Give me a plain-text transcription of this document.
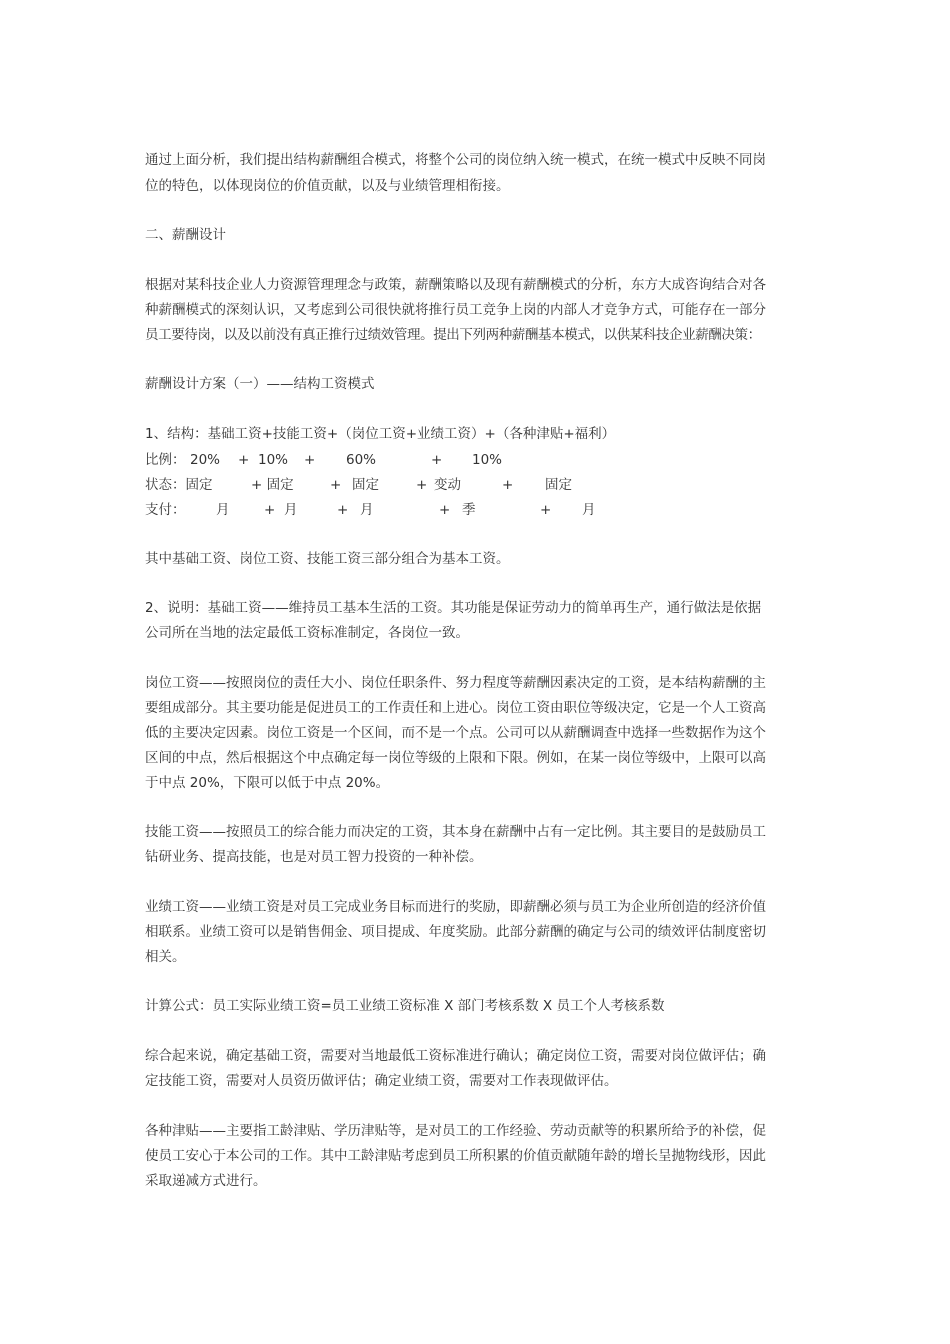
通过上面分析，我们提出结构薪酬组合模式，将整个公司的岗位纳入统一模式，在统一模式中反映不同岗
位的特色，以体现岗位的价值贡献，以及与业绩管理相衔接。
二、薪酬设计
根据对某科技企业人力资源管理理念与政策，薪酬策略以及现有薪酬模式的分析，东方大成咨询结合对各
种薪酬模式的深刻认识，又考虑到公司很快就将推行员工竞争上岗的内部人才竞争方式，可能存在一部分
员工要待岗，以及以前没有真正推行过绩效管理。提出下列两种薪酬基本模式，以供某科技企业薪酬决策：
薪酬设计方案（一）——结构工资模式
1、结构：基础工资+技能工资+（岗位工资+业绩工资）+（各种津贴+福利）
比例： 20% + 10% + 60%	+ 10%
状态：固定	+ 固定	+ 固定	+ 变动	+ 固定
支付： 月	+ 月	+ 月	+ 季	+ 月
其中基础工资、岗位工资、技能工资三部分组合为基本工资。
2、说明：基础工资——维持员工基本生活的工资。其功能是保证劳动力的简单再生产，通行做法是依据
公司所在当地的法定最低工资标准制定，各岗位一致。
岗位工资——按照岗位的责任大小、岗位任职条件、努力程度等薪酬因素决定的工资，是本结构薪酬的主
要组成部分。其主要功能是促进员工的工作责任和上进心。岗位工资由职位等级决定，它是一个人工资高
低的主要决定因素。岗位工资是一个区间，而不是一个点。公司可以从薪酬调查中选择一些数据作为这个
区间的中点，然后根据这个中点确定每一岗位等级的上限和下限。例如，在某一岗位等级中，上限可以高
于中点 20%，下限可以低于中点 20%。
技能工资——按照员工的综合能力而决定的工资，其本身在薪酬中占有一定比例。其主要目的是鼓励员工
钻研业务、提高技能，也是对员工智力投资的一种补偿。
业绩工资——业绩工资是对员工完成业务目标而进行的奖励，即薪酬必须与员工为企业所创造的经济价值
相联系。业绩工资可以是销售佣金、项目提成、年度奖励。此部分薪酬的确定与公司的绩效评估制度密切
相关。
计算公式：员工实际业绩工资=员工业绩工资标准 X 部门考核系数 X 员工个人考核系数
综合起来说，确定基础工资，需要对当地最低工资标准进行确认；确定岗位工资，需要对岗位做评估；确
定技能工资，需要对人员资历做评估；确定业绩工资，需要对工作表现做评估。
各种津贴——主要指工龄津贴、学历津贴等，是对员工的工作经验、劳动贡献等的积累所给予的补偿，促
使员工安心于本公司的工作。其中工龄津贴考虑到员工所积累的价值贡献随年龄的增长呈抛物线形，因此
采取递减方式进行。
